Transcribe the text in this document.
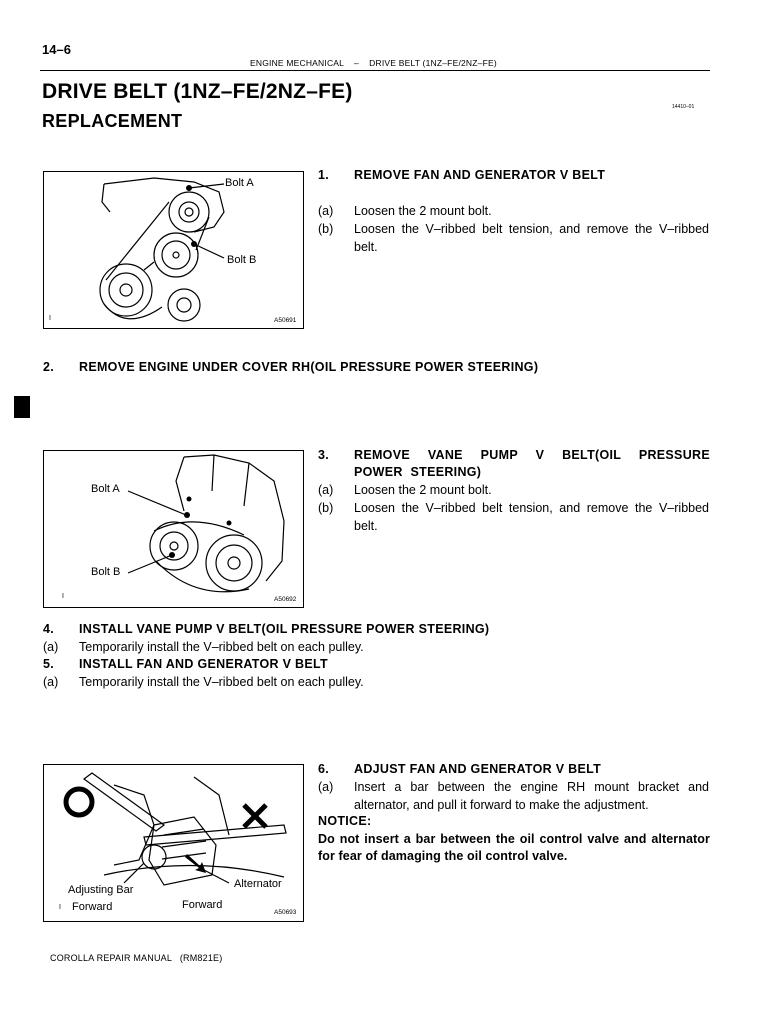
14–6
ENGINE MECHANICAL    –    DRIVE BELT (1NZ–FE/2NZ–FE)
DRIVE BELT (1NZ–FE/2NZ–FE)
REPLACEMENT
14410–01
Bolt A
Bolt B
I	A50691
1. REMOVE FAN AND GENERATOR V BELT
(a) Loosen the 2 mount bolt.
(b) Loosen the V–ribbed belt tension, and remove the V–ribbed belt.
2. REMOVE ENGINE UNDER COVER RH(OIL PRESSURE POWER STEERING)
Bolt A
Bolt B
I	A50692
3.	REMOVE VANE PUMP V BELT(OIL PRESSURE POWER STEERING)
(a) Loosen the 2 mount bolt.
(b) Loosen the V–ribbed belt tension, and remove the V–ribbed belt.
4. INSTALL VANE PUMP V BELT(OIL PRESSURE POWER STEERING)
(a) Temporarily install the V–ribbed belt on each pulley.
5. INSTALL FAN AND GENERATOR V BELT
(a) Temporarily install the V–ribbed belt on each pulley.
Adjusting Bar
Forward	Forward
Alternator
I
A50693
6. ADJUST FAN AND GENERATOR V BELT
(a) Insert a bar between the engine RH mount bracket and alternator, and pull it forward to make the adjustment.
NOTICE:
Do not insert a bar between the oil control valve and alternator for fear of damaging the oil control valve.
COROLLA REPAIR MANUAL   (RM821E)
